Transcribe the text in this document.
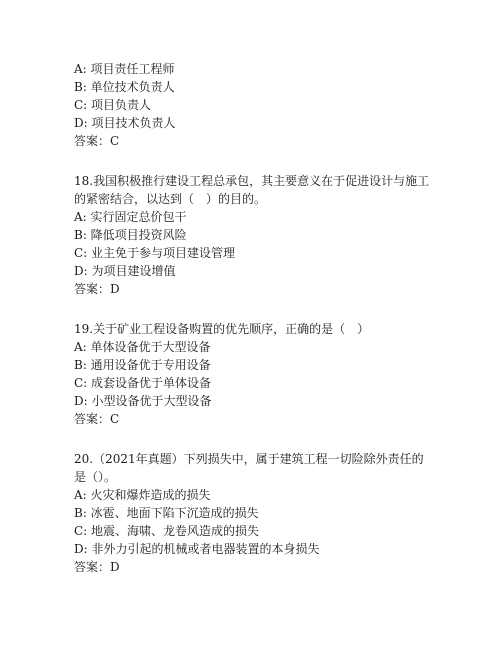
A: 项目责任工程师
B: 单位技术负责人
C: 项目负责人
D: 项目技术负责人
答案：C
18.我国积极推行建设工程总承包，其主要意义在于促进设计与施工的紧密结合，以达到（　）的目的。
A: 实行固定总价包干
B: 降低项目投资风险
C: 业主免于参与项目建设管理
D: 为项目建设增值
答案：D
19.关于矿业工程设备购置的优先顺序，正确的是（　）
A: 单体设备优于大型设备
B: 通用设备优于专用设备
C: 成套设备优于单体设备
D: 小型设备优于大型设备
答案：C
20.（2021年真题）下列损失中，属于建筑工程一切险除外责任的是（）。
A: 火灾和爆炸造成的损失
B: 冰雹、地面下陷下沉造成的损失
C: 地震、海啸、龙卷风造成的损失
D: 非外力引起的机械或者电器装置的本身损失
答案：D
